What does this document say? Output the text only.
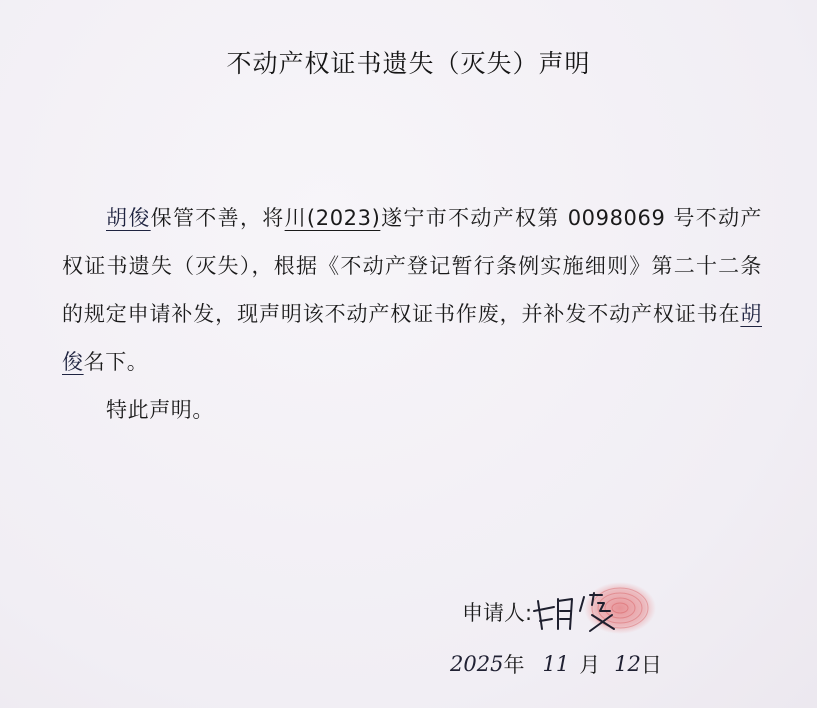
不动产权证书遗失（灭失）声明

胡俊保管不善，将川(2023)遂宁市不动产权第 0098069 号不动产权证书遗失（灭失），根据《不动产登记暂行条例实施细则》第二十二条的规定申请补发，现声明该不动产权证书作废，并补发不动产权证书在胡俊名下。

特此声明。

申请人:
2025 年 11 月 12 日
